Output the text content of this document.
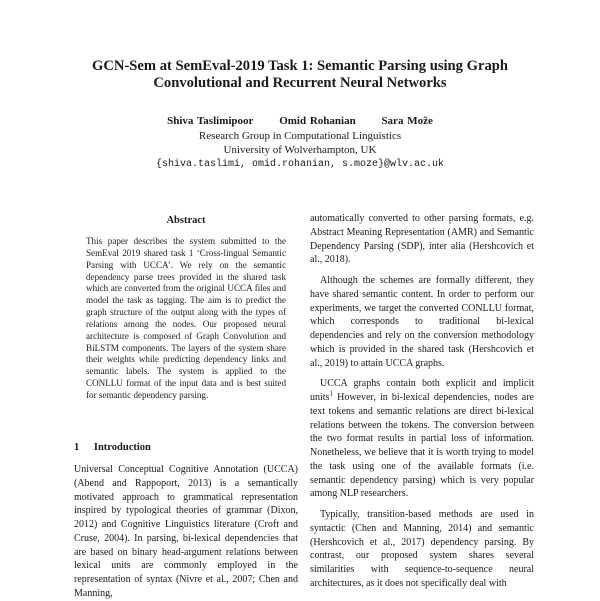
GCN-Sem at SemEval-2019 Task 1: Semantic Parsing using Graph
Convolutional and Recurrent Neural Networks
Shiva Taslimipoor Omid Rohanian Sara Može
Research Group in Computational Linguistics
University of Wolverhampton, UK
{shiva.taslimi, omid.rohanian, s.moze}@wlv.ac.uk
Abstract
This paper describes the system submitted to the SemEval 2019 shared task 1 ‘Cross-lingual Semantic Parsing with UCCA’. We rely on the semantic dependency parse trees provided in the shared task which are converted from the original UCCA files and model the task as tagging. The aim is to predict the graph structure of the output along with the types of relations among the nodes. Our proposed neural architecture is composed of Graph Convolution and BiLSTM components. The layers of the system share their weights while predicting dependency links and semantic labels. The system is applied to the CONLLU format of the input data and is best suited for semantic dependency parsing.
1 Introduction

Universal Conceptual Cognitive Annotation (UCCA) (Abend and Rappoport, 2013) is a semantically motivated approach to grammatical representation inspired by typological theories of grammar (Dixon, 2012) and Cognitive Linguistics literature (Croft and Cruse, 2004). In parsing, bi-lexical dependencies that are based on binary head-argument relations between lexical units are commonly employed in the representation of syntax (Nivre et al., 2007; Chen and Manning,

automatically converted to other parsing formats, e.g. Abstract Meaning Representation (AMR) and Semantic Dependency Parsing (SDP), inter alia (Hershcovich et al., 2018).

Although the schemes are formally different, they have shared semantic content. In order to perform our experiments, we target the converted CONLLU format, which corresponds to traditional bi-lexical dependencies and rely on the conversion methodology which is provided in the shared task (Hershcovich et al., 2019) to attain UCCA graphs.

UCCA graphs contain both explicit and implicit units$^1$ However, in bi-lexical dependencies, nodes are text tokens and semantic relations are direct bi-lexical relations between the tokens. The conversion between the two format results in partial loss of information. Nonetheless, we believe that it is worth trying to model the task using one of the available formats (i.e. semantic dependency parsing) which is very popular among NLP researchers.

Typically, transition-based methods are used in syntactic (Chen and Manning, 2014) and semantic (Hershcovich et al., 2017) dependency parsing. By contrast, our proposed system shares several similarities with sequence-to-sequence neural architectures, as it does not specifically deal with
